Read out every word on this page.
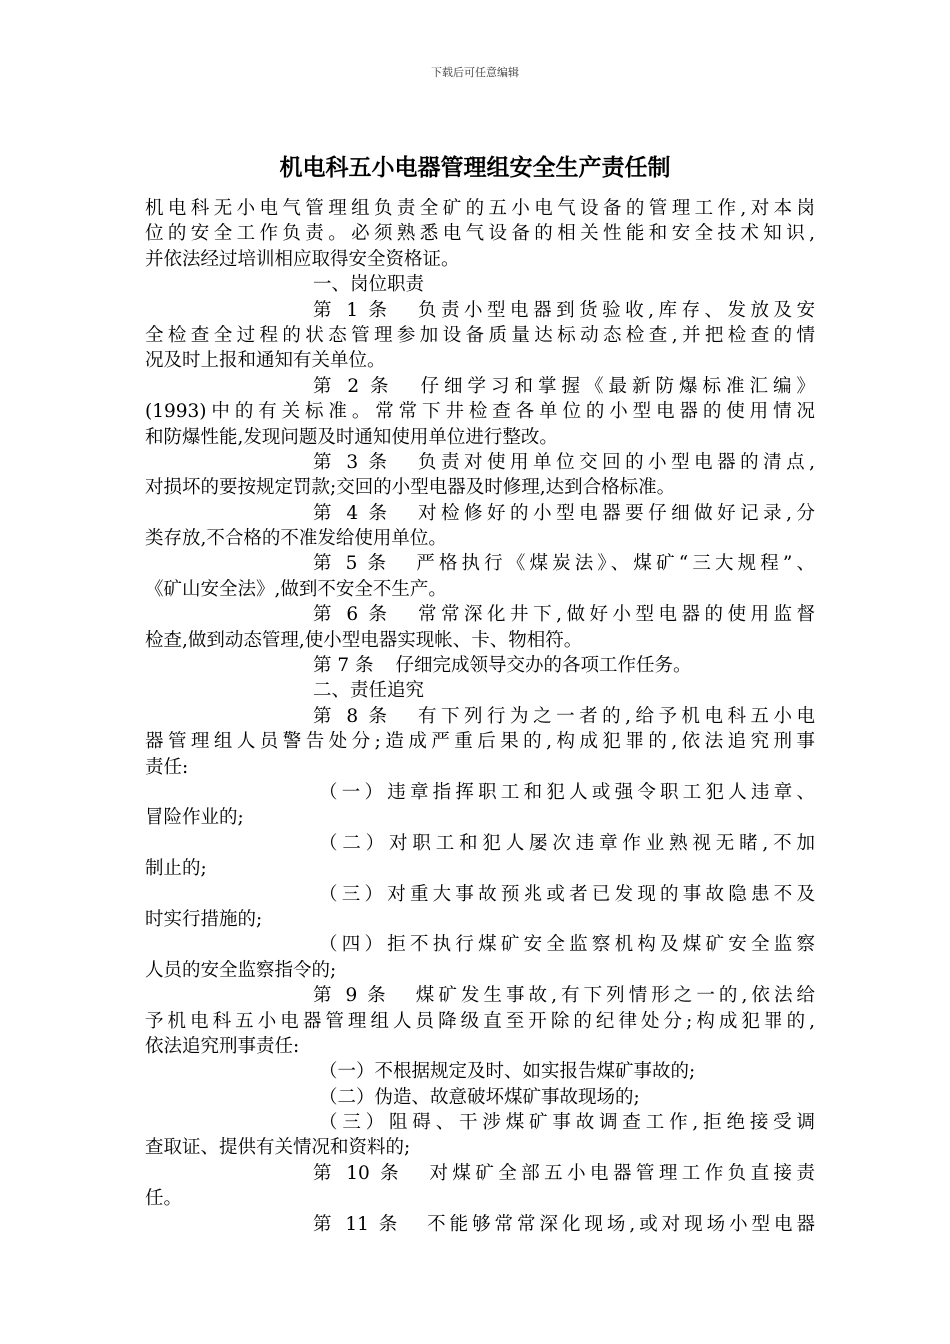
下载后可任意编辑
机电科五小电器管理组安全生产责任制
机电科无小电气管理组负责全矿的五小电气设备的管理工作,对本岗
位的安全工作负责。必须熟悉电气设备的相关性能和安全技术知识,
并依法经过培训相应取得安全资格证。
一、岗位职责
第 1 条 负责小型电器到货验收,库存、发放及安
全检查全过程的状态管理参加设备质量达标动态检查,并把检查的情
况及时上报和通知有关单位。
第 2 条 仔细学习和掌握《最新防爆标准汇编》
(1993)中的有关标准。常常下井检查各单位的小型电器的使用情况
和防爆性能,发现问题及时通知使用单位进行整改。
第 3 条 负责对使用单位交回的小型电器的清点,
对损坏的要按规定罚款;交回的小型电器及时修理,达到合格标准。
第 4 条 对检修好的小型电器要仔细做好记录,分
类存放,不合格的不准发给使用单位。
第 5 条 严格执行《煤炭法》、煤矿“三大规程”、
《矿山安全法》,做到不安全不生产。
第 6 条 常常深化井下,做好小型电器的使用监督
检查,做到动态管理,使小型电器实现帐、卡、物相符。
第 7 条 仔细完成领导交办的各项工作任务。
二、责任追究
第 8 条 有下列行为之一者的,给予机电科五小电
器管理组人员警告处分;造成严重后果的,构成犯罪的,依法追究刑事
责任:
（一）违章指挥职工和犯人或强令职工犯人违章、
冒险作业的;
（二）对职工和犯人屡次违章作业熟视无睹,不加
制止的;
（三）对重大事故预兆或者已发现的事故隐患不及
时实行措施的;
（四）拒不执行煤矿安全监察机构及煤矿安全监察
人员的安全监察指令的;
第 9 条 煤矿发生事故,有下列情形之一的,依法给
予机电科五小电器管理组人员降级直至开除的纪律处分;构成犯罪的,
依法追究刑事责任:
（一）不根据规定及时、如实报告煤矿事故的;
（二）伪造、故意破坏煤矿事故现场的;
（三）阻碍、干涉煤矿事故调查工作,拒绝接受调
查取证、提供有关情况和资料的;
第 10 条 对煤矿全部五小电器管理工作负直接责
任。
第 11 条 不能够常常深化现场,或对现场小型电器
